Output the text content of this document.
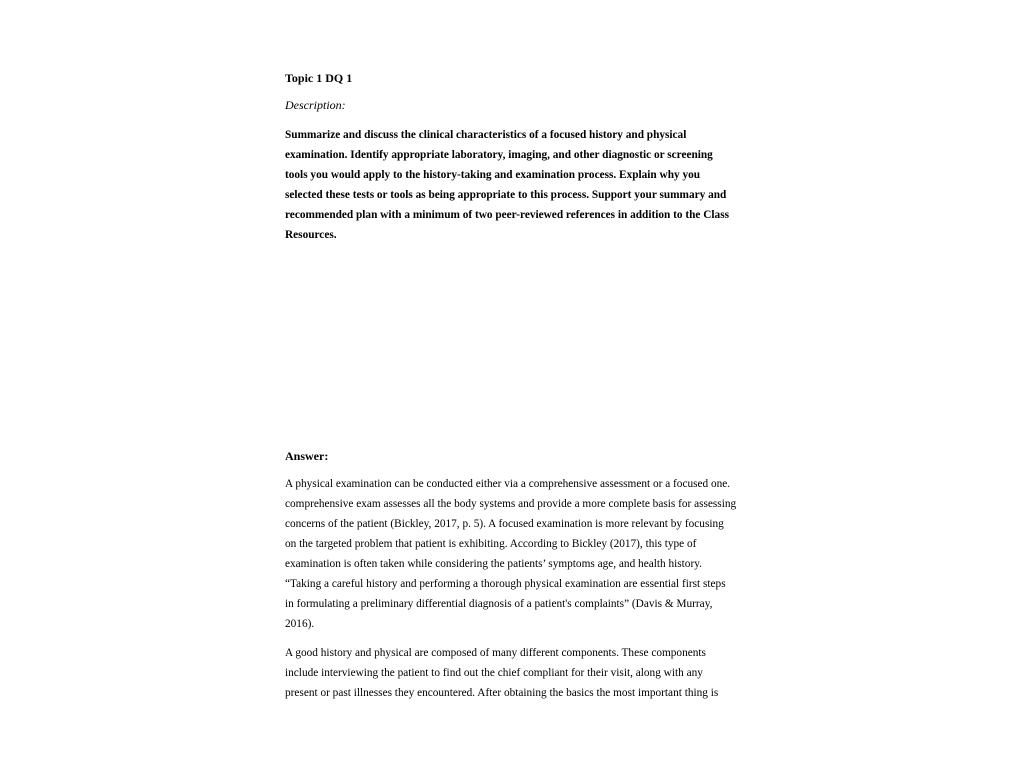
Topic 1 DQ 1

Description:

Summarize and discuss the clinical characteristics of a focused history and physical examination. Identify appropriate laboratory, imaging, and other diagnostic or screening tools you would apply to the history-taking and examination process. Explain why you selected these tests or tools as being appropriate to this process. Support your summary and recommended plan with a minimum of two peer-reviewed references in addition to the Class Resources.

Answer:

A physical examination can be conducted either via a comprehensive assessment or a focused one. comprehensive exam assesses all the body systems and provide a more complete basis for assessing concerns of the patient (Bickley, 2017, p. 5). A focused examination is more relevant by focusing on the targeted problem that patient is exhibiting. According to Bickley (2017), this type of examination is often taken while considering the patients’ symptoms age, and health history. “Taking a careful history and performing a thorough physical examination are essential first steps in formulating a preliminary differential diagnosis of a patient's complaints” (Davis & Murray, 2016).

A good history and physical are composed of many different components. These components include interviewing the patient to find out the chief compliant for their visit, along with any present or past illnesses they encountered. After obtaining the basics the most important thing is
